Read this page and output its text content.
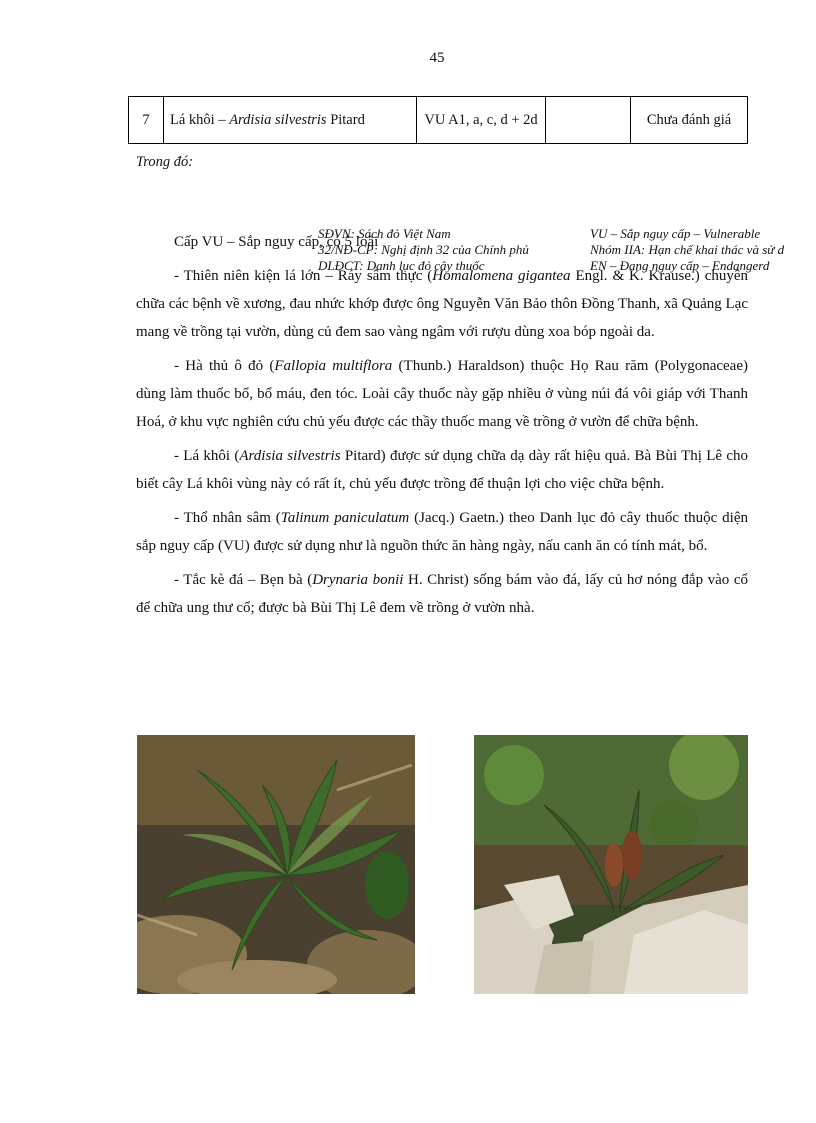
45
7	Lá khôi – Ardisia silvestris Pitard	VU A1, a, c, d + 2d		Chưa đánh giá
Trong đó:

Cấp VU – Sắp nguy cấp, có 5 loài

- Thiên niên kiện lá lớn – Ráy sâm thực (Homalomena gigantea Engl. & K. Krause.) chuyên chữa các bệnh về xương, đau nhức khớp được ông Nguyễn Văn Bảo thôn Đồng Thanh, xã Quảng Lạc mang về trồng tại vườn, dùng củ đem sao vàng ngâm với rượu dùng xoa bóp ngoài da.

- Hà thủ ô đỏ (Fallopia multiflora (Thunb.) Haraldson) thuộc Họ Rau răm (Polygonaceae) dùng làm thuốc bổ, bổ máu, đen tóc. Loài cây thuốc này gặp nhiều ở vùng núi đá vôi giáp với Thanh Hoá, ở khu vực nghiên cứu chủ yếu được các thầy thuốc mang về trồng ở vườn để chữa bệnh.

- Lá khôi (Ardisia silvestris Pitard) được sử dụng chữa dạ dày rất hiệu quả. Bà Bùi Thị Lê cho biết cây Lá khôi vùng này có rất ít, chủ yếu được trồng để thuận lợi cho việc chữa bệnh.

- Thổ nhân sâm (Talinum paniculatum (Jacq.) Gaetn.) theo Danh lục đỏ cây thuốc thuộc diện sắp nguy cấp (VU) được sử dụng như là nguồn thức ăn hàng ngày, nấu canh ăn có tính mát, bổ.

- Tắc kè đá – Bẹn bà (Drynaria bonii H. Christ) sống bám vào đá, lấy củ hơ nóng đắp vào cổ để chữa ung thư cổ; được bà Bùi Thị Lê đem về trồng ở vườn nhà.

SĐVN: Sách đỏ Việt Nam
32/NĐ-CP: Nghị định 32 của Chính phủ
DLĐCT: Danh lục đỏ cây thuốc
VU – Sắp nguy cấp – Vulnerable
Nhóm IIA: Hạn chế khai thác và sử d
EN – Đang nguy cấp – Endangerd
